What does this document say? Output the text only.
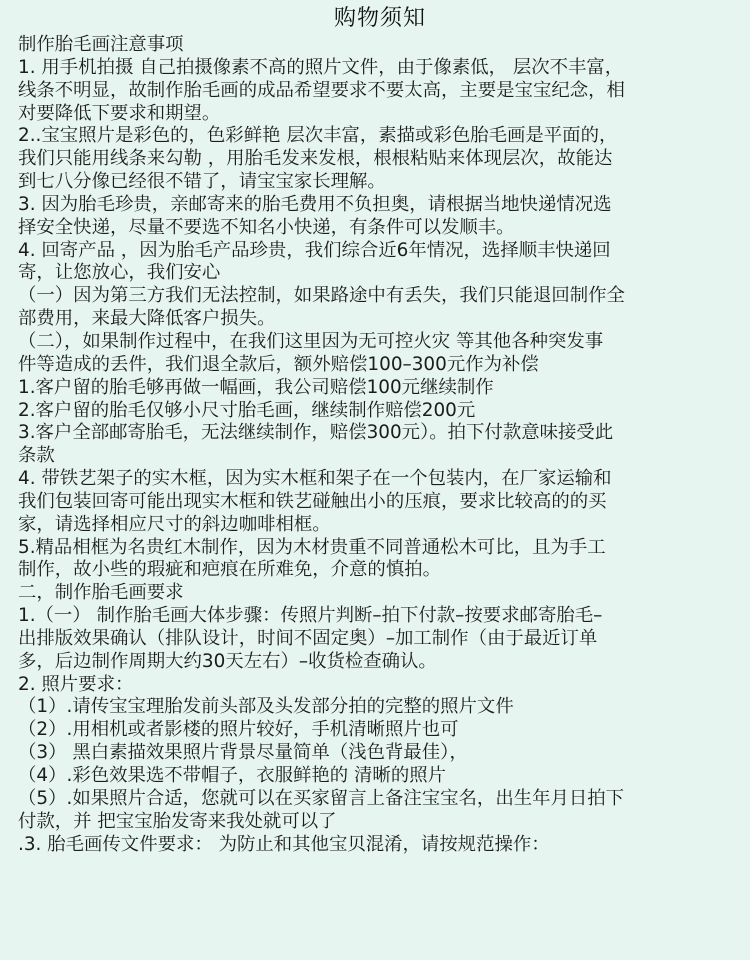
购物须知
制作胎毛画注意事项
1. 用手机拍摄 自己拍摄像素不高的照片文件，由于像素低， 层次不丰富，
线条不明显，故制作胎毛画的成品希望要求不要太高，主要是宝宝纪念，相
对要降低下要求和期望。
2..宝宝照片是彩色的，色彩鲜艳 层次丰富，素描或彩色胎毛画是平面的，
我们只能用线条来勾勒 ，用胎毛发来发根，根根粘贴来体现层次，故能达
到七八分像已经很不错了，请宝宝家长理解。
3. 因为胎毛珍贵，亲邮寄来的胎毛费用不负担奥，请根据当地快递情况选
择安全快递，尽量不要选不知名小快递，有条件可以发顺丰。
4. 回寄产品 ，因为胎毛产品珍贵，我们综合近6年情况，选择顺丰快递回
寄，让您放心，我们安心
（一）因为第三方我们无法控制，如果路途中有丢失，我们只能退回制作全
部费用，来最大降低客户损失。
（二），如果制作过程中，在我们这里因为无可控火灾 等其他各种突发事
件等造成的丢件，我们退全款后，额外赔偿100–300元作为补偿
1.客户留的胎毛够再做一幅画，我公司赔偿100元继续制作
2.客户留的胎毛仅够小尺寸胎毛画，继续制作赔偿200元
3.客户全部邮寄胎毛，无法继续制作，赔偿300元）。拍下付款意味接受此
条款
4. 带铁艺架子的实木框，因为实木框和架子在一个包装内，在厂家运输和
我们包装回寄可能出现实木框和铁艺碰触出小的压痕，要求比较高的的买
家，请选择相应尺寸的斜边咖啡相框。
5.精品相框为名贵红木制作，因为木材贵重不同普通松木可比，且为手工
制作，故小些的瑕疵和疤痕在所难免，介意的慎拍。
二，制作胎毛画要求
1.（一） 制作胎毛画大体步骤：传照片判断–拍下付款–按要求邮寄胎毛–
出排版效果确认（排队设计，时间不固定奥）–加工制作（由于最近订单
多，后边制作周期大约30天左右）–收货检查确认。
2. 照片要求：
（1）.请传宝宝理胎发前头部及头发部分拍的完整的照片文件
（2）.用相机或者影楼的照片较好，手机清晰照片也可
（3） 黑白素描效果照片背景尽量简单（浅色背最佳），
（4）.彩色效果选不带帽子，衣服鲜艳的 清晰的照片
（5）.如果照片合适，您就可以在买家留言上备注宝宝名，出生年月日拍下
付款，并 把宝宝胎发寄来我处就可以了
.3. 胎毛画传文件要求： 为防止和其他宝贝混淆，请按规范操作：
